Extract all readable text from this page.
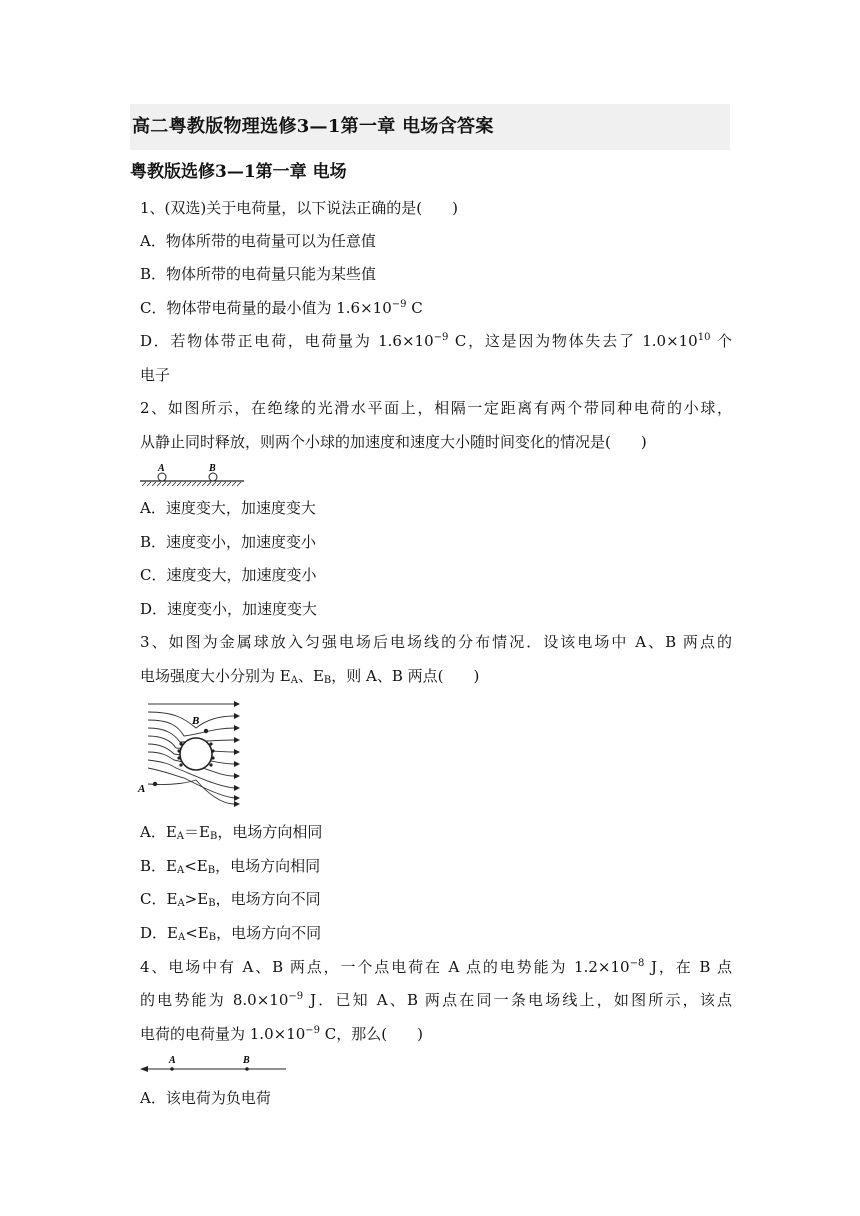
高二粤教版物理选修3—1第一章 电场含答案
粤教版选修3—1第一章 电场
1、(双选)关于电荷量，以下说法正确的是(　　)
A．物体所带的电荷量可以为任意值
B．物体所带的电荷量只能为某些值
C．物体带电荷量的最小值为 $1.6\times 10^{-9}$ C
D．若物体带正电荷，电荷量为 $1.6\times 10^{-9}$ C，这是因为物体失去了 $1.0\times 10^{10}$ 个
电子
2、如图所示，在绝缘的光滑水平面上，相隔一定距离有两个带同种电荷的小球，
从静止同时释放，则两个小球的加速度和速度大小随时间变化的情况是(　　)
A	B
A．速度变大，加速度变大
B．速度变小，加速度变小
C．速度变大，加速度变小
D．速度变小，加速度变大
3、如图为金属球放入匀强电场后电场线的分布情况．设该电场中 A、B 两点的
电场强度大小分别为 $E_A$、$E_B$，则 A、B 两点(　　)
B
A
A．$E_A=E_B$，电场方向相同
B．$E_A<E_B$，电场方向相同
C．$E_A>E_B$，电场方向不同
D．$E_A<E_B$，电场方向不同
4、电场中有 A、B 两点，一个点电荷在 A 点的电势能为 $1.2\times 10^{-8}$ J，在 B 点
的电势能为 $8.0\times 10^{-9}$ J．已知 A、B 两点在同一条电场线上，如图所示，该点
电荷的电荷量为 $1.0\times 10^{-9}$ C，那么(　　)
A	B
A．该电荷为负电荷
